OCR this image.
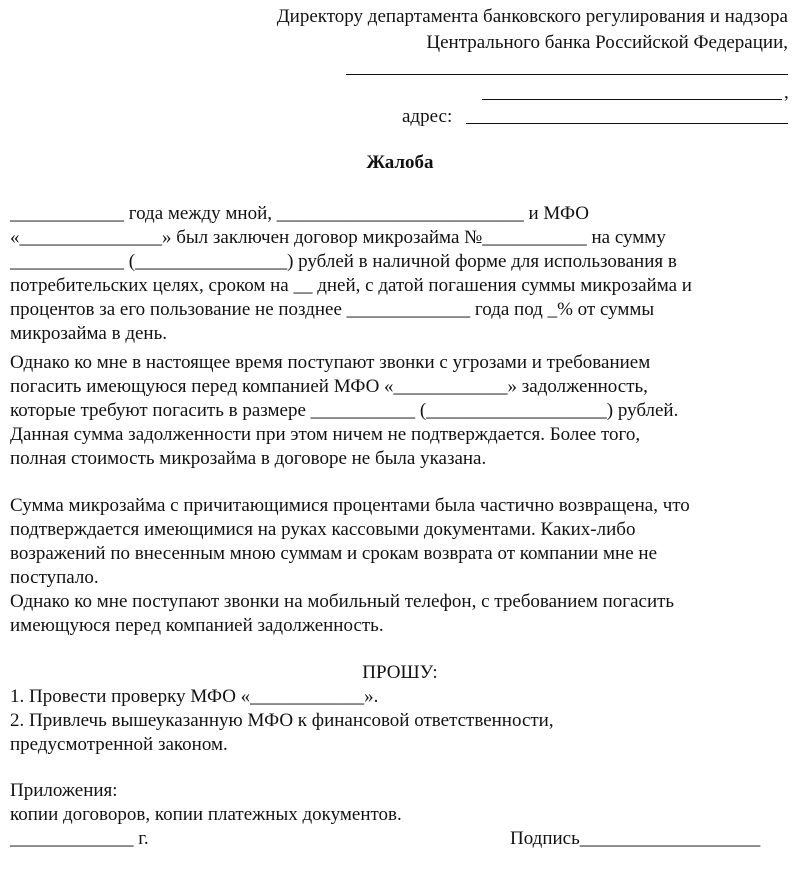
Директору департамента банковского регулирования и надзора
Центрального банка Российской Федерации,
,
адрес:
Жалоба
____________ года между мной, __________________________ и МФО
«_______________» был заключен договор микрозайма №___________ на сумму
____________ (________________) рублей в наличной форме для использования в
потребительских целях, сроком на __ дней, с датой погашения суммы микрозайма и
процентов за его пользование не позднее _____________ года под _% от суммы
микрозайма в день.
Однако ко мне в настоящее время поступают звонки с угрозами и требованием
погасить имеющуюся перед компанией МФО «____________» задолженность,
которые требуют погасить в размере ___________ (___________________) рублей.
Данная сумма задолженности при этом ничем не подтверждается. Более того,
полная стоимость микрозайма в договоре не была указана.
Сумма микрозайма с причитающимися процентами была частично возвращена, что
подтверждается имеющимися на руках кассовыми документами. Каких-либо
возражений по внесенным мною суммам и срокам возврата от компании мне не
поступало.
Однако ко мне поступают звонки на мобильный телефон, с требованием погасить
имеющуюся перед компанией задолженность.
ПРОШУ:
1. Провести проверку МФО «____________».
2. Привлечь вышеуказанную МФО к финансовой ответственности,
предусмотренной законом.
Приложения:
копии договоров, копии платежных документов.
_____________ г.	Подпись___________________
